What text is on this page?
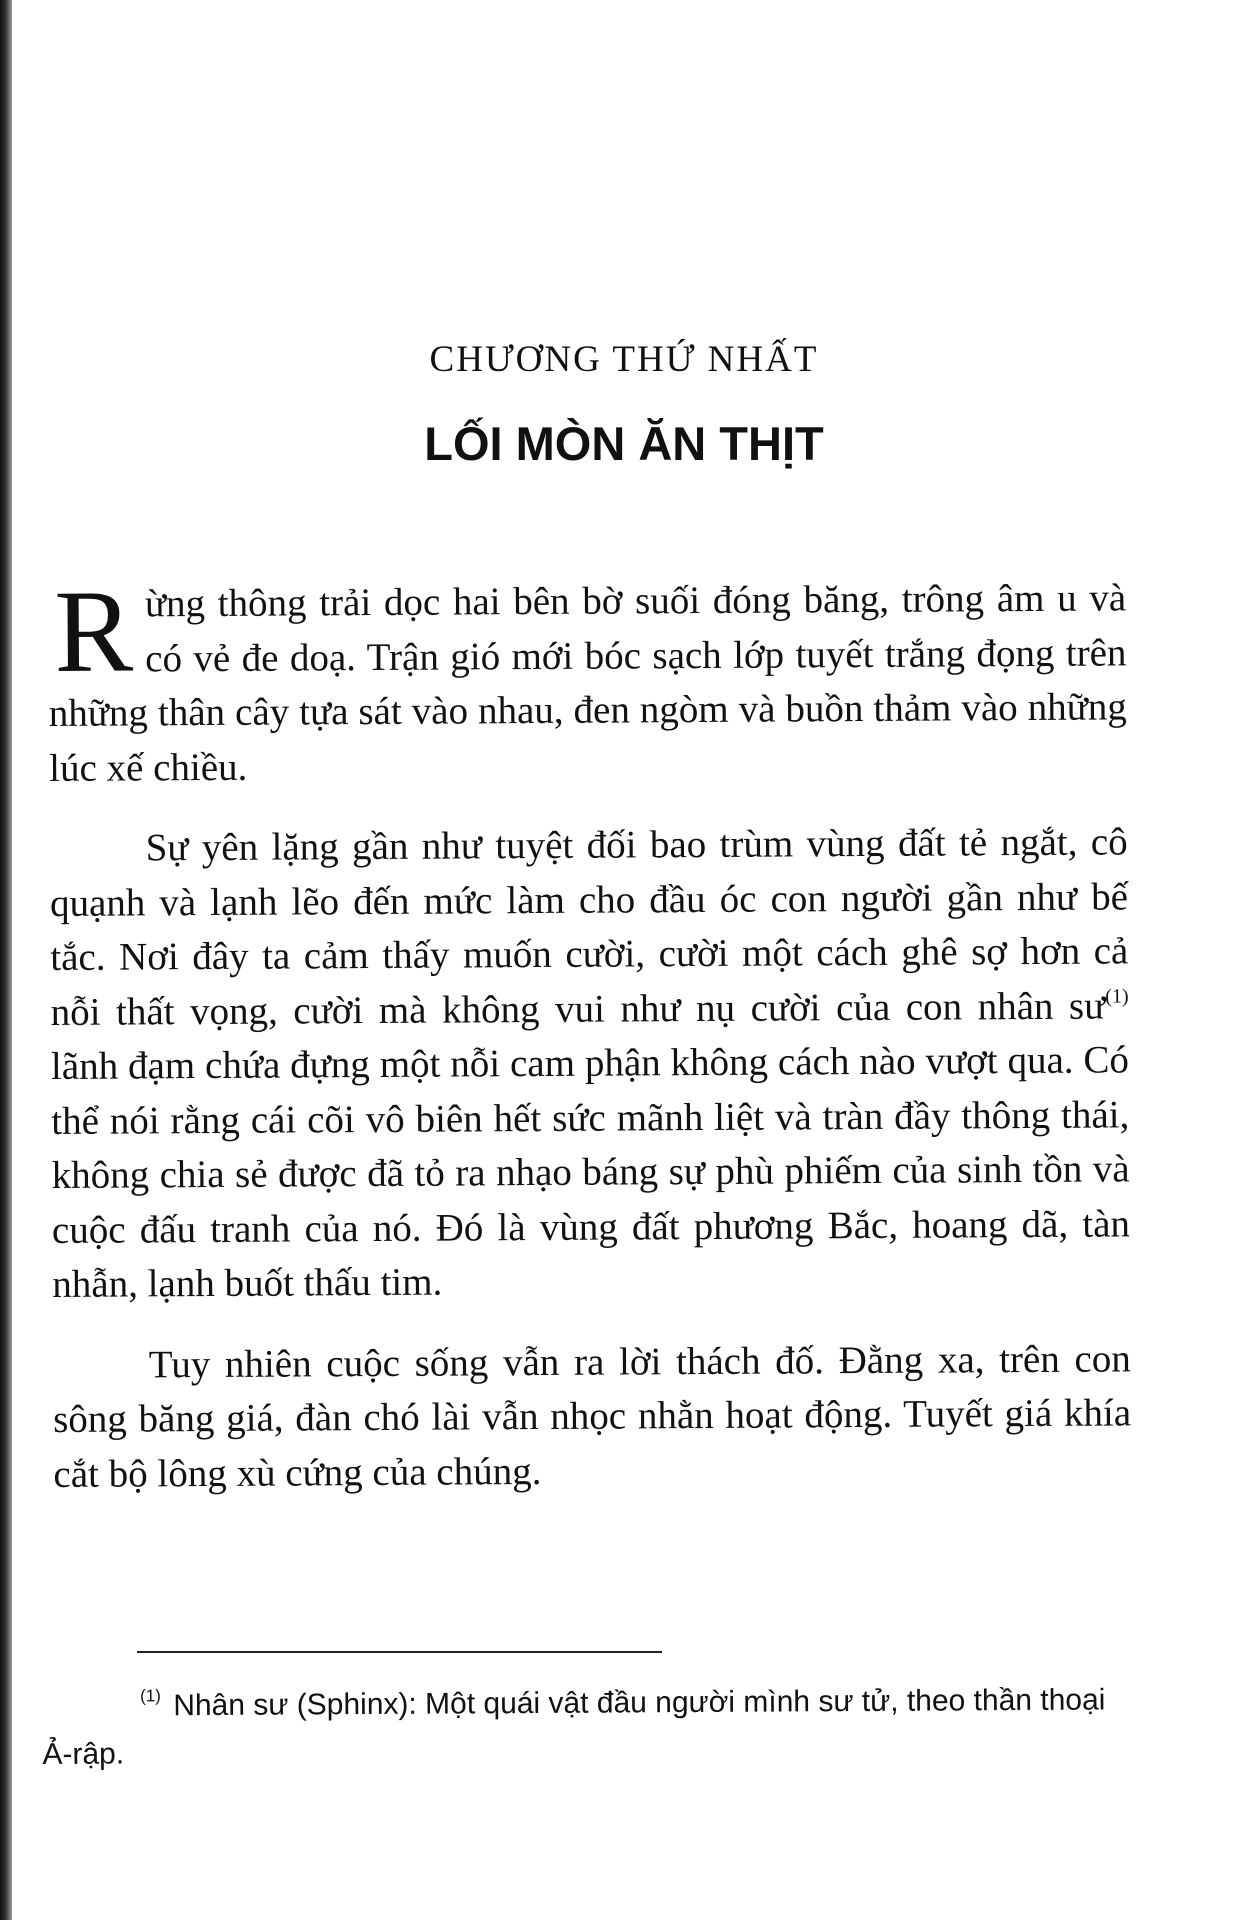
CHƯƠNG THỨ NHẤT
LỐI MÒN ĂN THỊT

Rừng thông trải dọc hai bên bờ suối đóng băng, trông âm u và có vẻ đe doạ. Trận gió mới bóc sạch lớp tuyết trắng đọng trên những thân cây tựa sát vào nhau, đen ngòm và buồn thảm vào những lúc xế chiều.

Sự yên lặng gần như tuyệt đối bao trùm vùng đất tẻ ngắt, cô quạnh và lạnh lẽo đến mức làm cho đầu óc con người gần như bế tắc. Nơi đây ta cảm thấy muốn cười, cười một cách ghê sợ hơn cả nỗi thất vọng, cười mà không vui như nụ cười của con nhân $sư^{(1)}$ lãnh đạm chứa đựng một nỗi cam phận không cách nào vượt qua. Có thể nói rằng cái cõi vô biên hết sức mãnh liệt và tràn đầy thông thái, không chia sẻ được đã tỏ ra nhạo báng sự phù phiếm của sinh tồn và cuộc đấu tranh của nó. Đó là vùng đất phương Bắc, hoang dã, tàn nhẫn, lạnh buốt thấu tim.

Tuy nhiên cuộc sống vẫn ra lời thách đố. Đằng xa, trên con sông băng giá, đàn chó lài vẫn nhọc nhằn hoạt động. Tuyết giá khía cắt bộ lông xù cứng của chúng.

$^{(1)}$ Nhân sư (Sphinx): Một quái vật đầu người mình sư tử, theo thần thoại Ả-rập.
